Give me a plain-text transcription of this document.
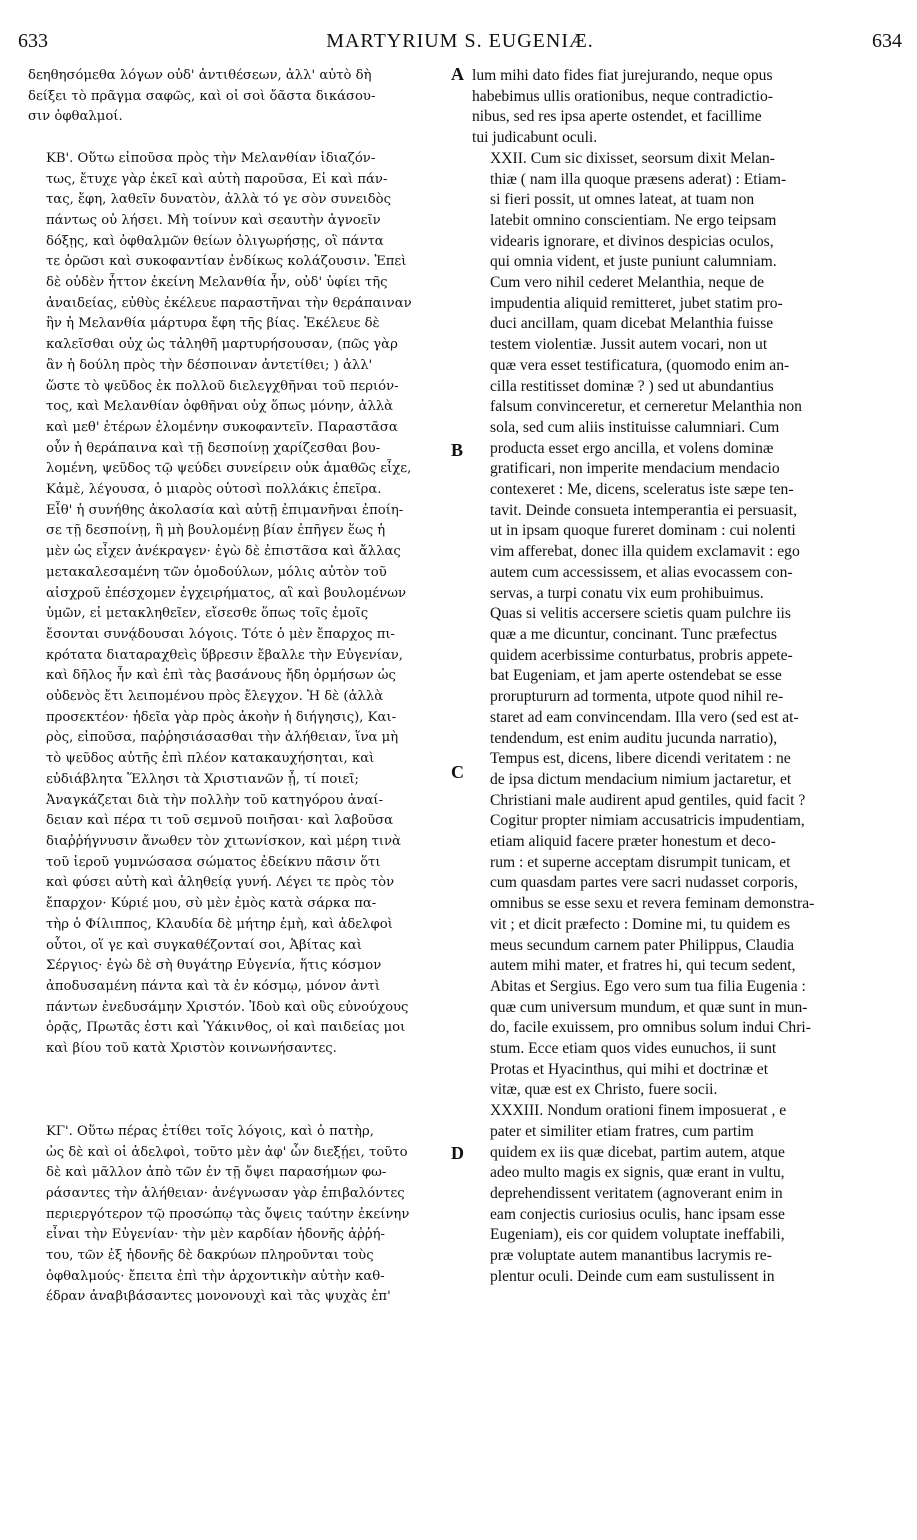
633	MARTYRIUM S. EUGENIÆ.	634
A
B
C
D

δεηθησόμεθα λόγων οὐδ' ἀντιθέσεων, ἀλλ' αὐτὸ δὴ
δείξει τὸ πρᾶγμα σαφῶς, καὶ οἱ σοὶ ὄᾶστα δικάσου-
σιν ὀφθαλμοί.

ΚΒ'. Οὕτω εἰποῦσα πρὸς τὴν Μελανθίαν ἰδιαζόν-
τως, ἔτυχε γὰρ ἐκεῖ καὶ αὐτὴ παροῦσα, Εἰ καὶ πάν-
τας, ἔφη, λαθεῖν δυνατὸν, ἀλλὰ τό γε σὸν συνειδὸς
πάντως οὐ λήσει. Μὴ τοίνυν καὶ σεαυτὴν ἀγνοεῖν
δόξῃς, καὶ ὀφθαλμῶν θείων ὀλιγωρήσῃς, οἳ πάντα
τε ὁρῶσι καὶ συκοφαντίαν ἐνδίκως κολάζουσιν. Ἐπεὶ
δὲ οὐδὲν ἧττον ἐκείνη Μελανθία ἦν, οὐδ' ὑφίει τῆς
ἀναιδείας, εὐθὺς ἐκέλευε παραστῆναι τὴν θεράπαιναν
ἣν ἡ Μελανθία μάρτυρα ἔφη τῆς βίας. Ἐκέλευε δὲ
καλεῖσθαι οὐχ ὡς τἀληθῆ μαρτυρήσουσαν, (πῶς γὰρ
ἂν ἡ δούλη πρὸς τὴν δέσποιναν ἀντετίθει; ) ἀλλ'
ὥστε τὸ ψεῦδος ἐκ πολλοῦ διελεγχθῆναι τοῦ περιόν-
τος, καὶ Μελανθίαν ὀφθῆναι οὐχ ὅπως μόνην, ἀλλὰ
καὶ μεθ' ἑτέρων ἑλομένην συκοφαντεῖν. Παραστᾶσα
οὖν ἡ θεράπαινα καὶ τῇ δεσποίνῃ χαρίζεσθαι βου-
λομένη, ψεῦδος τῷ ψεύδει συνείρειν οὐκ ἀμαθῶς εἶχε,
Κἀμὲ, λέγουσα, ὁ μιαρὸς οὑτοσὶ πολλάκις ἐπεῖρα.
Εἶθ' ἡ συνήθης ἀκολασία καὶ αὐτῇ ἐπιμανῆναι ἐποίη-
σε τῇ δεσποίνῃ, ἣ μὴ βουλομένῃ βίαν ἐπῆγεν ἕως ἡ
μὲν ὡς εἶχεν ἀνέκραγεν· ἐγὼ δὲ ἐπιστᾶσα καὶ ἄλλας
μετακαλεσαμένη τῶν ὁμοδούλων, μόλις αὐτὸν τοῦ
αἰσχροῦ ἐπέσχομεν ἐγχειρήματος, αἳ καὶ βουλομένων
ὑμῶν, εἰ μετακληθεῖεν, εἴσεσθε ὅπως τοῖς ἐμοῖς
ἔσονται συνᾴδουσαι λόγοις. Τότε ὁ μὲν ἔπαρχος πι-
κρότατα διαταραχθεὶς ὕβρεσιν ἔβαλλε τὴν Εὐγενίαν,
καὶ δῆλος ἦν καὶ ἐπὶ τὰς βασάνους ἤδη ὁρμήσων ὡς
οὐδενὸς ἔτι λειπομένου πρὸς ἔλεγχον. Ἡ δὲ (ἀλλὰ
προσεκτέον· ἡδεῖα γὰρ πρὸς ἀκοὴν ἡ διήγησις), Και-
ρὸς, εἰποῦσα, παῤῥησιάσασθαι τὴν ἀλήθειαν, ἵνα μὴ
τὸ ψεῦδος αὐτῆς ἐπὶ πλέον κατακαυχήσηται, καὶ
εὐδιάβλητα Ἕλλησι τὰ Χριστιανῶν ᾖ, τί ποιεῖ;
Ἀναγκάζεται διὰ τὴν πολλὴν τοῦ κατηγόρου ἀναί-
δειαν καὶ πέρα τι τοῦ σεμνοῦ ποιῆσαι· καὶ λαβοῦσα
διαῤῥήγνυσιν ἄνωθεν τὸν χιτωνίσκον, καὶ μέρη τινὰ
τοῦ ἱεροῦ γυμνώσασα σώματος ἐδείκνυ πᾶσιν ὅτι
καὶ φύσει αὐτὴ καὶ ἀληθείᾳ γυνή. Λέγει τε πρὸς τὸν
ἔπαρχον· Κύριέ μου, σὺ μὲν ἐμὸς κατὰ σάρκα πα-
τὴρ ὁ Φίλιππος, Κλαυδία δὲ μήτηρ ἐμὴ, καὶ ἀδελφοὶ
οὗτοι, οἵ γε καὶ συγκαθέζονταί σοι, Ἀβίτας καὶ
Σέργιος· ἐγὼ δὲ σὴ θυγάτηρ Εὐγενία, ἥτις κόσμον
ἀποδυσαμένη πάντα καὶ τὰ ἐν κόσμῳ, μόνον ἀντὶ
πάντων ἐνεδυσάμην Χριστόν. Ἰδοὺ καὶ οὓς εὐνούχους
ὁρᾷς, Πρωτᾶς ἐστι καὶ Ὑάκινθος, οἱ καὶ παιδείας μοι
καὶ βίου τοῦ κατὰ Χριστὸν κοινωνήσαντες.

ΚΓ'. Οὕτω πέρας ἐτίθει τοῖς λόγοις, καὶ ὁ πατὴρ,
ὡς δὲ καὶ οἱ ἀδελφοὶ, τοῦτο μὲν ἀφ' ὧν διεξῄει, τοῦτο
δὲ καὶ μᾶλλον ἀπὸ τῶν ἐν τῇ ὄψει παρασήμων φω-
ράσαντες τὴν ἀλήθειαν· ἀνέγνωσαν γὰρ ἐπιβαλόντες
περιεργότερον τῷ προσώπῳ τὰς ὄψεις ταύτην ἐκείνην
εἶναι τὴν Εὐγενίαν· τὴν μὲν καρδίαν ἡδονῆς ἀῤῥή-
του, τῶν ἐξ ἡδονῆς δὲ δακρύων πληροῦνται τοὺς
ὀφθαλμούς· ἔπειτα ἐπὶ τὴν ἀρχοντικὴν αὐτὴν καθ-
έδραν ἀναβιβάσαντες μονονουχὶ καὶ τὰς ψυχὰς ἐπ'

lum mihi dato fides fiat jurejurando, neque opus
habebimus ullis orationibus, neque contradictio-
nibus, sed res ipsa aperte ostendet, et facillime
tui judicabunt oculi.

XXII. Cum sic dixisset, seorsum dixit Melan-
thiæ ( nam illa quoque præsens aderat) : Etiam-
si fieri possit, ut omnes lateat, at tuam non
latebit omnino conscientiam. Ne ergo teipsam
videaris ignorare, et divinos despicias oculos,
qui omnia vident, et juste puniunt calumniam.
Cum vero nihil cederet Melanthia, neque de
impudentia aliquid remitteret, jubet statim pro-
duci ancillam, quam dicebat Melanthia fuisse
testem violentiæ. Jussit autem vocari, non ut
quæ vera esset testificatura, (quomodo enim an-
cilla restitisset dominæ ? ) sed ut abundantius
falsum convinceretur, et cerneretur Melanthia non
sola, sed cum aliis instituisse calumniari. Cum
producta esset ergo ancilla, et volens dominæ
gratificari, non imperite mendacium mendacio
contexeret : Me, dicens, sceleratus iste sæpe ten-
tavit. Deinde consueta intemperantia ei persuasit,
ut in ipsam quoque fureret dominam : cui nolenti
vim afferebat, donec illa quidem exclamavit : ego
autem cum accessissem, et alias evocassem con-
servas, a turpi conatu vix eum prohibuimus.
Quas si velitis accersere scietis quam pulchre iis
quæ a me dicuntur, concinant. Tunc præfectus
quidem acerbissime conturbatus, probris appete-
bat Eugeniam, et jam aperte ostendebat se esse
proruptururn ad tormenta, utpote quod nihil re-
staret ad eam convincendam. Illa vero (sed est at-
tendendum, est enim auditu jucunda narratio),
Tempus est, dicens, libere dicendi veritatem : ne
de ipsa dictum mendacium nimium jactaretur, et
Christiani male audirent apud gentiles, quid facit ?
Cogitur propter nimiam accusatricis impudentiam,
etiam aliquid facere præter honestum et deco-
rum : et superne acceptam disrumpit tunicam, et
cum quasdam partes vere sacri nudasset corporis,
omnibus se esse sexu et revera feminam demonstra-
vit ; et dicit præfecto : Domine mi, tu quidem es
meus secundum carnem pater Philippus, Claudia
autem mihi mater, et fratres hi, qui tecum sedent,
Abitas et Sergius. Ego vero sum tua filia Eugenia :
quæ cum universum mundum, et quæ sunt in mun-
do, facile exuissem, pro omnibus solum indui Chri-
stum. Ecce etiam quos vides eunuchos, ii sunt
Protas et Hyacinthus, qui mihi et doctrinæ et
vitæ, quæ est ex Christo, fuere socii.

XXXIII. Nondum orationi finem imposuerat , e
pater et similiter etiam fratres, cum partim
quidem ex iis quæ dicebat, partim autem, atque
adeo multo magis ex signis, quæ erant in vultu,
deprehendissent veritatem (agnoverant enim in
eam conjectis curiosius oculis, hanc ipsam esse
Eugeniam), eis cor quidem voluptate ineffabili,
præ voluptate autem manantibus lacrymis re-
plentur oculi. Deinde cum eam sustulissent in
